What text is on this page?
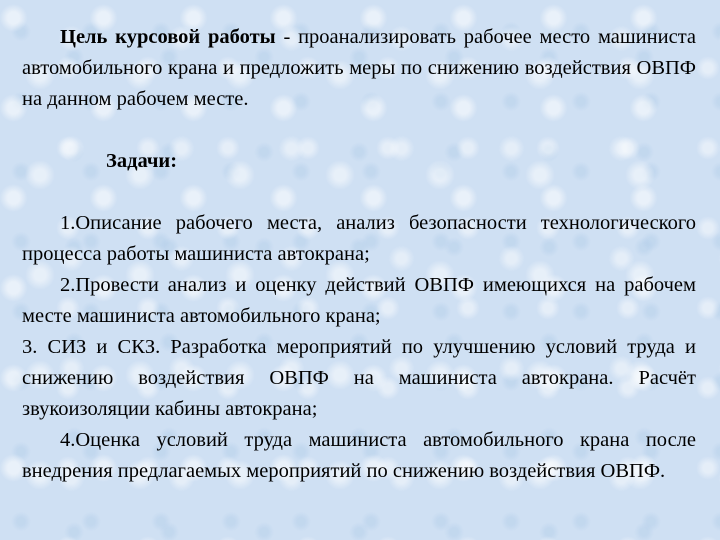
Цель курсовой работы - проанализировать рабочее место машиниста автомобильного крана и предложить меры по снижению воздействия ОВПФ на данном рабочем месте.

Задачи:

1.Описание рабочего места, анализ безопасности технологического процесса работы машиниста автокрана;

2.Провести анализ и оценку действий ОВПФ имеющихся на рабочем месте машиниста автомобильного крана;

3. СИЗ и СКЗ. Разработка мероприятий по улучшению условий труда и снижению воздействия ОВПФ на машиниста автокрана. Расчёт звукоизоляции кабины автокрана;

4.Оценка условий труда машиниста автомобильного крана после внедрения предлагаемых мероприятий по снижению воздействия ОВПФ.
